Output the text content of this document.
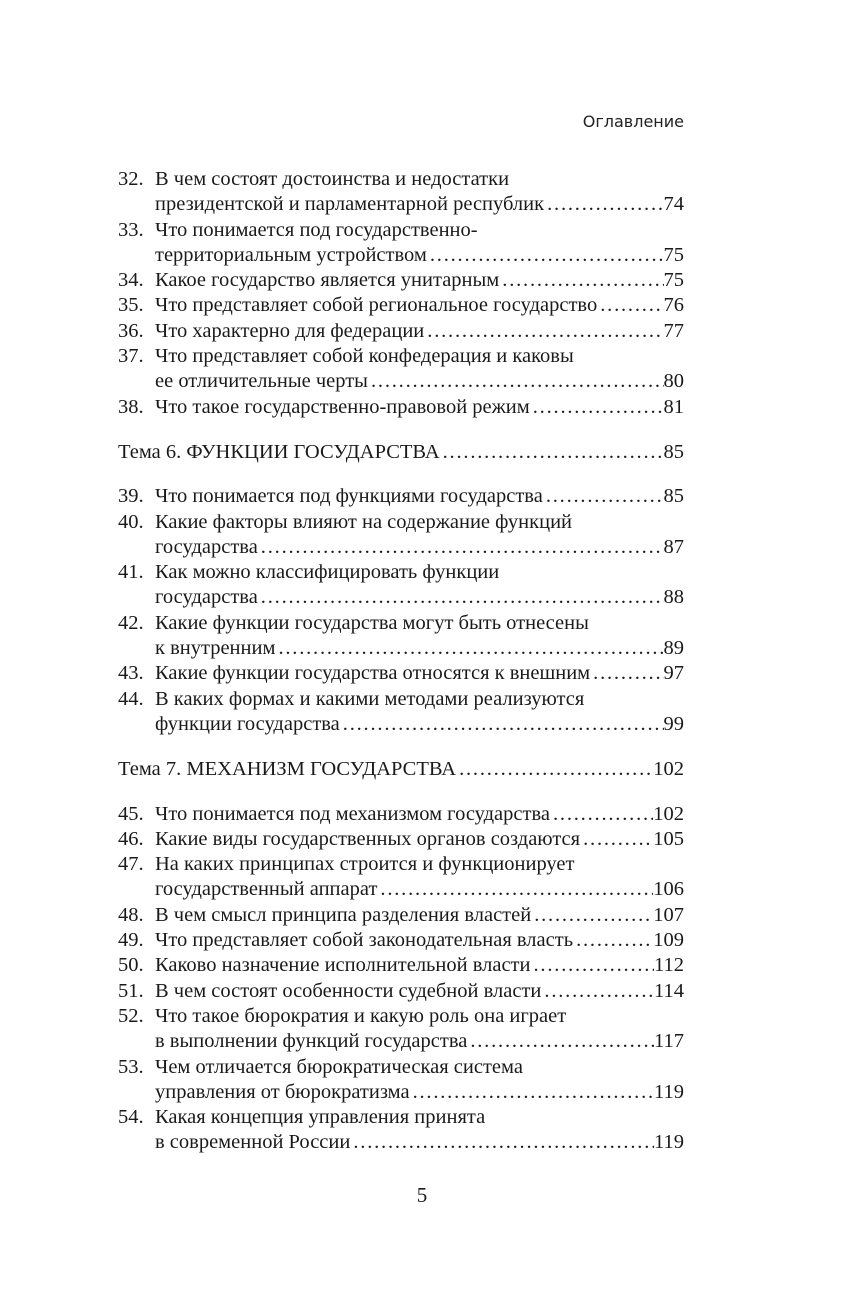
Оглавление
32. В чем состоят достоинства и недостатки
президентской и парламентарной республик .....	74
33. Что понимается под государственно-
территориальным устройством .....	75
34. Какое государство является унитарным .....	75
35. Что представляет собой региональное государство .....	76
36. Что характерно для федерации .....	77
37. Что представляет собой конфедерация и каковы
ее отличительные черты .....	80
38. Что такое государственно-правовой режим .....	81
Тема 6. ФУНКЦИИ ГОСУДАРСТВА .....	85
39. Что понимается под функциями государства .....	85
40. Какие факторы влияют на содержание функций
государства .....	87
41. Как можно классифицировать функции
государства .....	88
42. Какие функции государства могут быть отнесены
к внутренним .....	89
43. Какие функции государства относятся к внешним .....	97
44. В каких формах и какими методами реализуются
функции государства .....	99
Тема 7. МЕХАНИЗМ ГОСУДАРСТВА .....	102
45. Что понимается под механизмом государства .....	102
46. Какие виды государственных органов создаются .....	105
47. На каких принципах строится и функционирует
государственный аппарат .....	106
48. В чем смысл принципа разделения властей .....	107
49. Что представляет собой законодательная власть .....	109
50. Каково назначение исполнительной власти .....	112
51. В чем состоят особенности судебной власти .....	114
52. Что такое бюрократия и какую роль она играет
в выполнении функций государства .....	117
53. Чем отличается бюрократическая система
управления от бюрократизма .....	119
54. Какая концепция управления принята
в современной России .....	119
5
